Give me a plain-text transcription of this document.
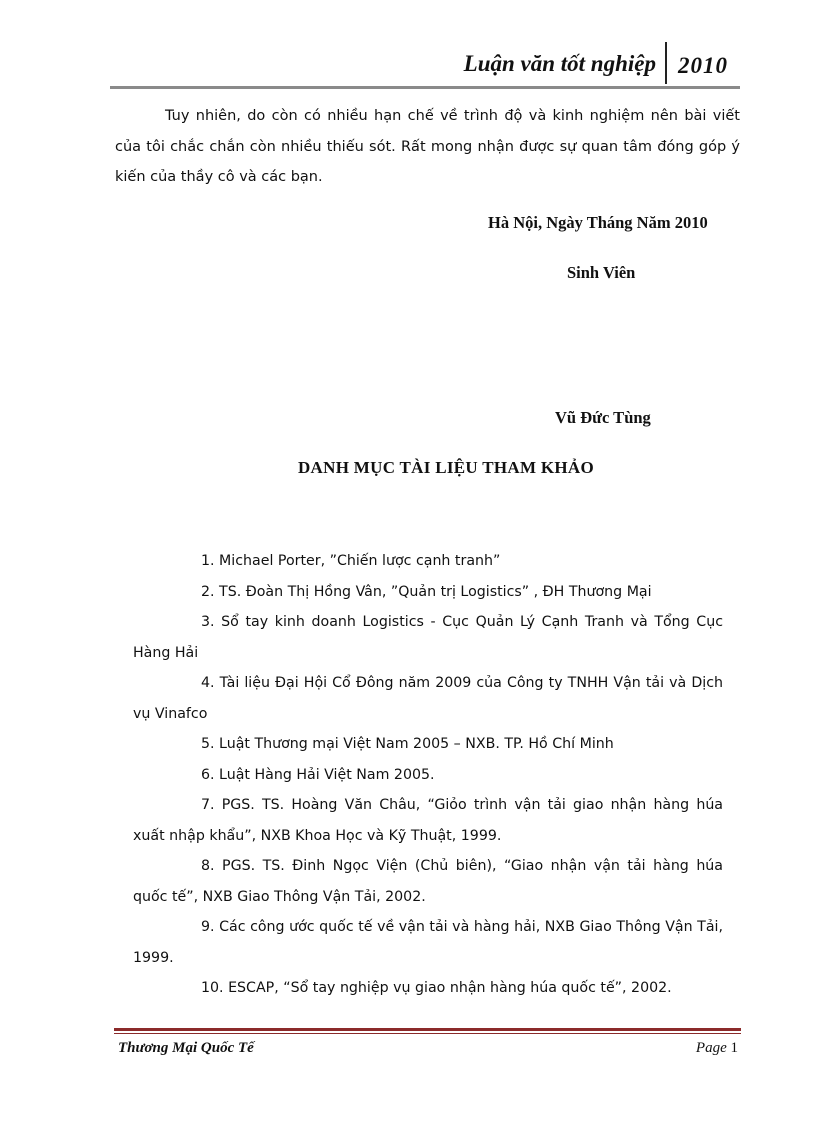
Luận văn tốt nghiệp 2010

Tuy nhiên, do còn có nhiều hạn chế về trình độ và kinh nghiệm nên bài viết của tôi chắc chắn còn nhiều thiếu sót. Rất mong nhận được sự quan tâm đóng góp ý kiến của thầy cô và các bạn.

Hà Nội, Ngày Tháng Năm 2010
Sinh Viên
Vũ Đức Tùng
DANH MỤC TÀI LIỆU THAM KHẢO
1. Michael Porter, ”Chiến lược cạnh tranh”
2. TS. Đoàn Thị Hồng Vân, ”Quản trị Logistics” , ĐH Thương Mại
3. Sổ tay kinh doanh Logistics - Cục Quản Lý Cạnh Tranh và Tổng Cục Hàng Hải
4. Tài liệu Đại Hội Cổ Đông năm 2009 của Công ty TNHH Vận tải và Dịch vụ Vinafco
5. Luật Thương mại Việt Nam 2005 – NXB. TP. Hồ Chí Minh
6. Luật Hàng Hải Việt Nam 2005.
7. PGS. TS. Hoàng Văn Châu, “Giỏo trình vận tải giao nhận hàng húa xuất nhập khẩu”, NXB Khoa Học và Kỹ Thuật, 1999.
8. PGS. TS. Đinh Ngọc Viện (Chủ biên), “Giao nhận vận tải hàng húa quốc tế”, NXB Giao Thông Vận Tải, 2002.
9. Các công ước quốc tế về vận tải và hàng hải, NXB Giao Thông Vận Tải, 1999.
10. ESCAP, “Sổ tay nghiệp vụ giao nhận hàng húa quốc tế”, 2002.
Thương Mại Quốc Tế	Page 1
